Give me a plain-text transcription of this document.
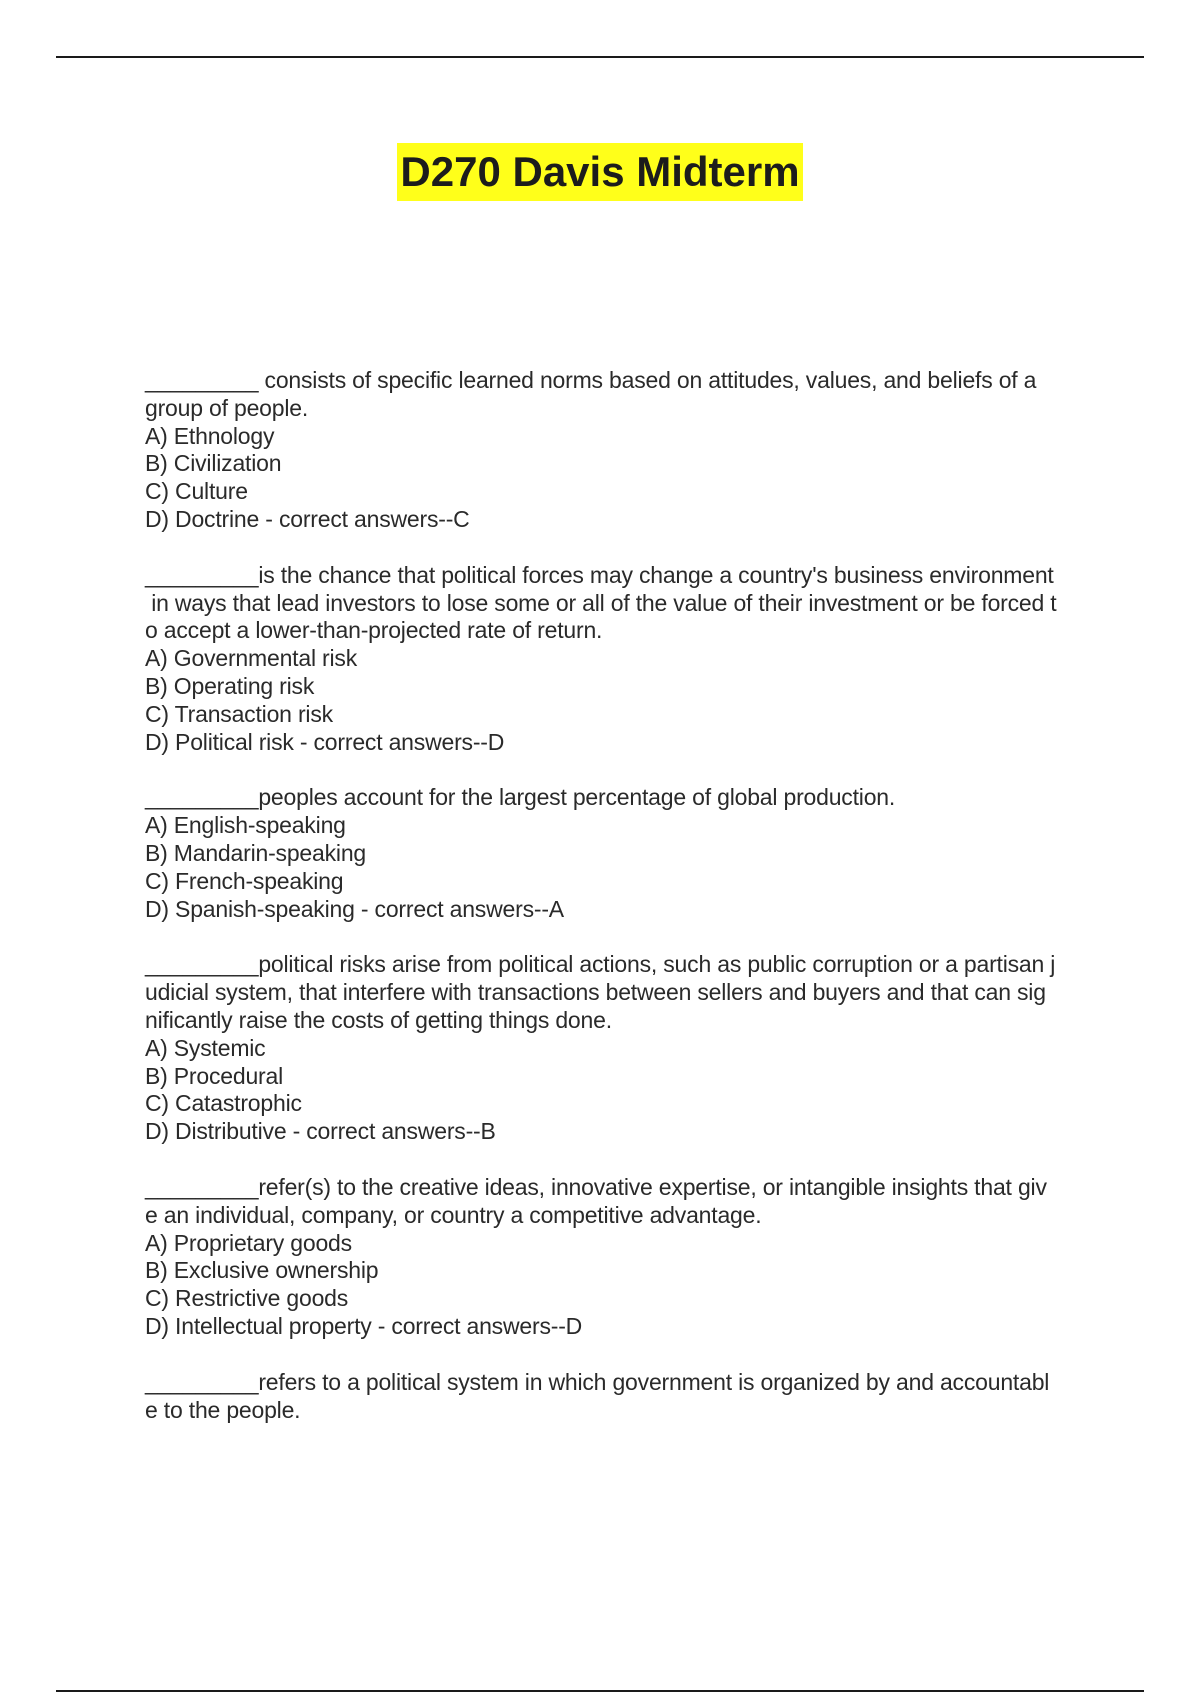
D270 Davis Midterm
_________ consists of specific learned norms based on attitudes, values, and beliefs of a
group of people.
A) Ethnology
B) Civilization
C) Culture
D) Doctrine - correct answers--C
_________is the chance that political forces may change a country's business environment
in ways that lead investors to lose some or all of the value of their investment or be forced t
o accept a lower-than-projected rate of return.
A) Governmental risk
B) Operating risk
C) Transaction risk
D) Political risk - correct answers--D
_________peoples account for the largest percentage of global production.
A) English-speaking
B) Mandarin-speaking
C) French-speaking
D) Spanish-speaking - correct answers--A
_________political risks arise from political actions, such as public corruption or a partisan j
udicial system, that interfere with transactions between sellers and buyers and that can sig
nificantly raise the costs of getting things done.
A) Systemic
B) Procedural
C) Catastrophic
D) Distributive - correct answers--B
_________refer(s) to the creative ideas, innovative expertise, or intangible insights that giv
e an individual, company, or country a competitive advantage.
A) Proprietary goods
B) Exclusive ownership
C) Restrictive goods
D) Intellectual property - correct answers--D
_________refers to a political system in which government is organized by and accountabl
e to the people.
